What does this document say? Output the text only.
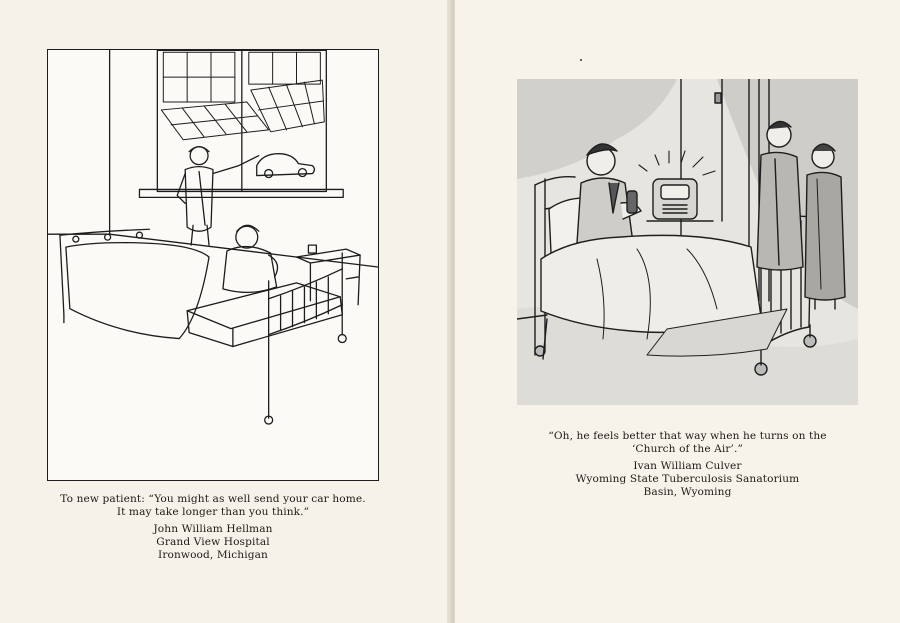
To new patient: “You might as well send your car home.
It may take longer than you think.”
John William Hellman
Grand View Hospital
Ironwood, Michigan
“Oh, he feels better that way when he turns on the
‘Church of the Air’.”
Ivan William Culver
Wyoming State Tuberculosis Sanatorium
Basin, Wyoming
